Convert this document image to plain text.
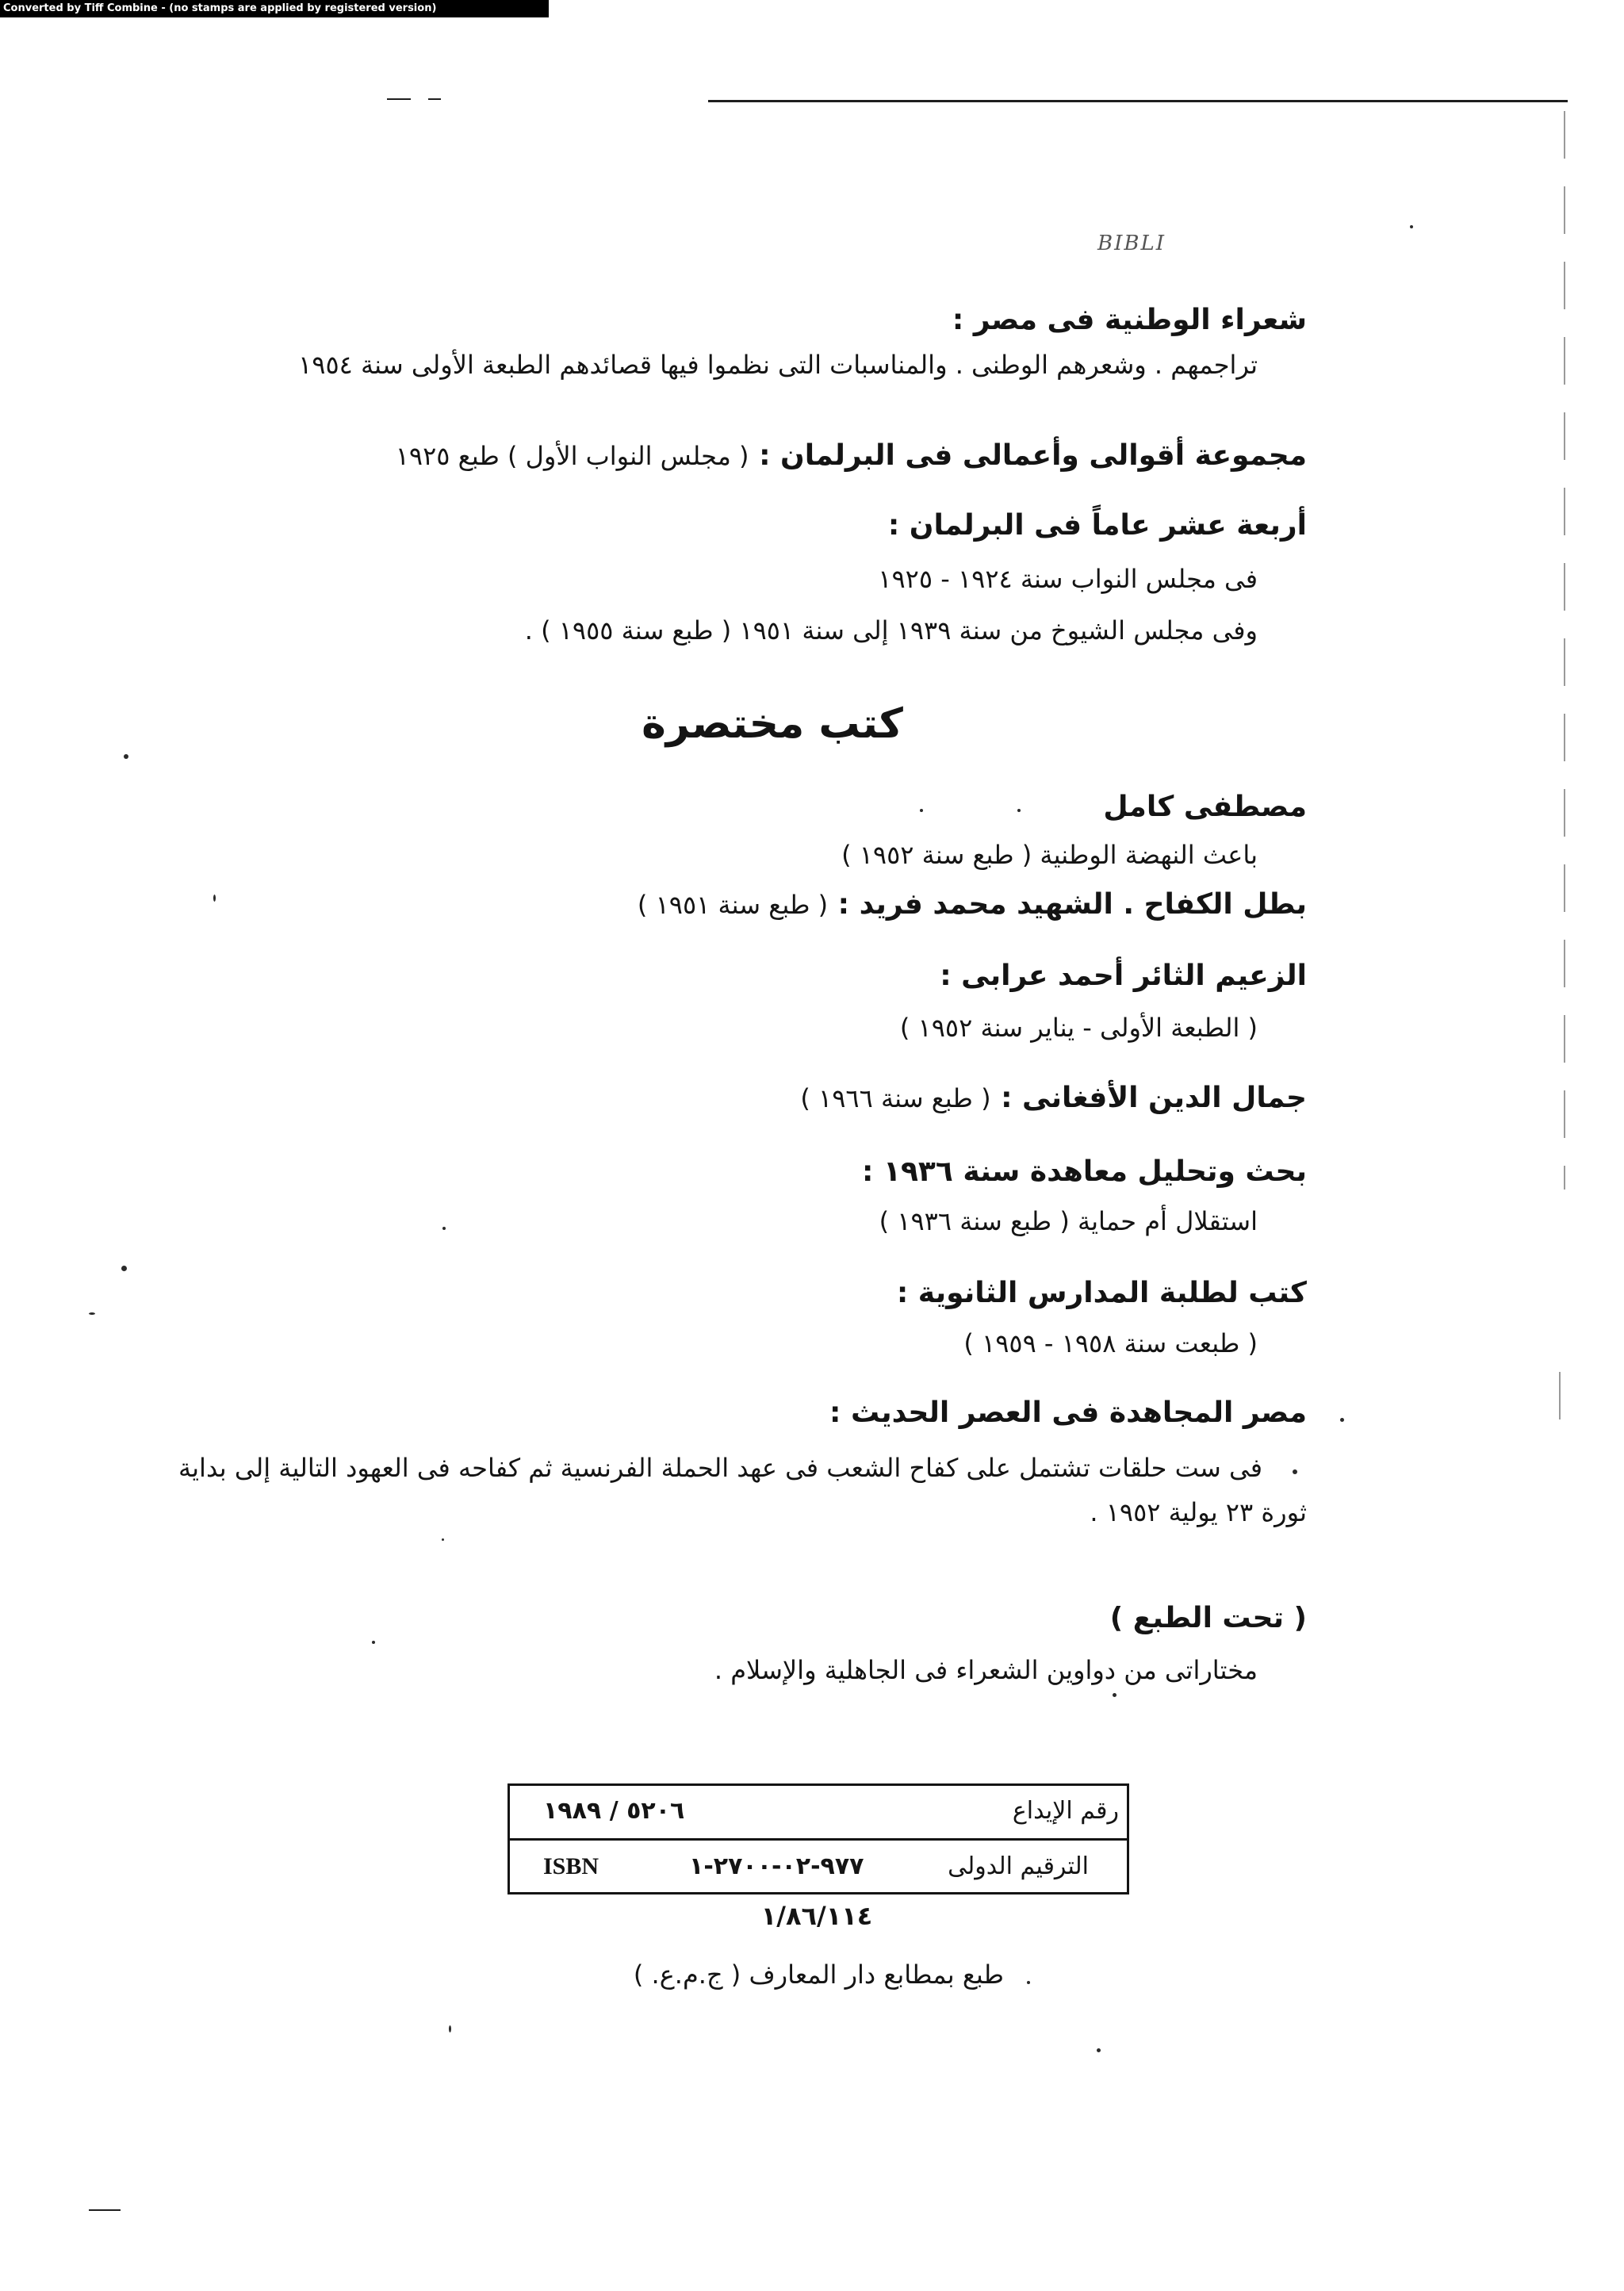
Converted by Tiff Combine - (no stamps are applied by registered version)
BIBLI
شعراء الوطنية فى مصر :
تراجمهم . وشعرهم الوطنى . والمناسبات التى نظموا فيها قصائدهم الطبعة الأولى سنة ١٩٥٤
مجموعة أقوالى وأعمالى فى البرلمان : ( مجلس النواب الأول ) طبع ١٩٢٥
أربعة عشر عاماً فى البرلمان :
فى مجلس النواب سنة ١٩٢٤ - ١٩٢٥
وفى مجلس الشيوخ من سنة ١٩٣٩ إلى سنة ١٩٥١ ( طبع سنة ١٩٥٥ ) .
كتب مختصرة
مصطفى كامل
باعث النهضة الوطنية ( طبع سنة ١٩٥٢ )
بطل الكفاح . الشهيد محمد فريد : ( طبع سنة ١٩٥١ )
الزعيم الثائر أحمد عرابى :
( الطبعة الأولى - يناير سنة ١٩٥٢ )
جمال الدين الأفغانى : ( طبع سنة ١٩٦٦ )
بحث وتحليل معاهدة سنة ١٩٣٦ :
استقلال أم حماية ( طبع سنة ١٩٣٦ )
كتب لطلبة المدارس الثانوية :
( طبعت سنة ١٩٥٨ - ١٩٥٩ )
مصر المجاهدة فى العصر الحديث :
فى ست حلقات تشتمل على كفاح الشعب فى عهد الحملة الفرنسية ثم كفاحه فى العهود التالية إلى بداية
ثورة ٢٣ يولية ١٩٥٢ .
( تحت الطبع )
مختاراتى من دواوين الشعراء فى الجاهلية والإسلام .
رقم الإيداع
٥٢٠٦ / ١٩٨٩
الترقيم الدولى
٩٧٧-٠٢-٢٧٠٠-١
ISBN
١/٨٦/١١٤
طبع بمطابع دار المعارف ( ج.م.ع. )
